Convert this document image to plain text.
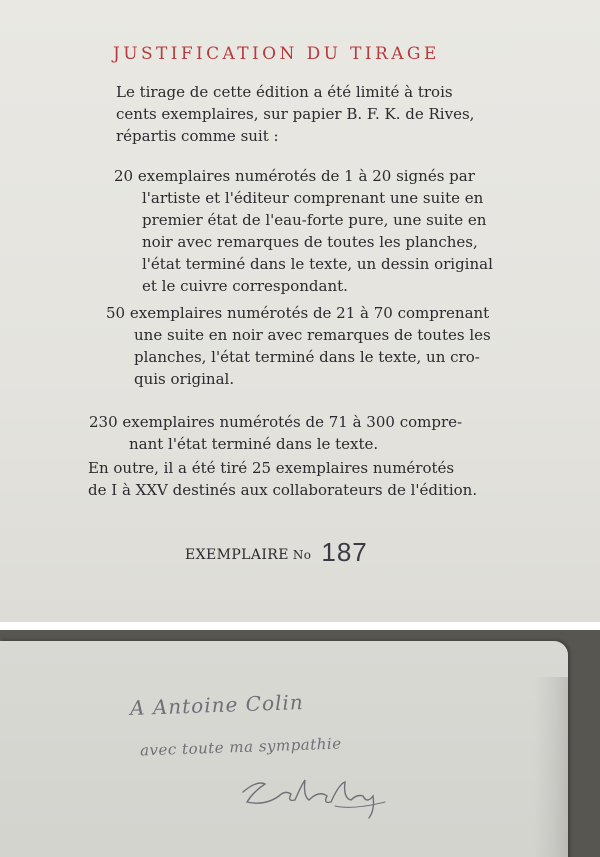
JUSTIFICATION DU TIRAGE
Le tirage de cette édition a été limité à trois
cents exemplaires, sur papier B. F. K. de Rives,
répartis comme suit :
20 exemplaires numérotés de 1 à 20 signés par
l'artiste et l'éditeur comprenant une suite en
premier état de l'eau-forte pure, une suite en
noir avec remarques de toutes les planches,
l'état terminé dans le texte, un dessin original
et le cuivre correspondant.
50 exemplaires numérotés de 21 à 70 comprenant
une suite en noir avec remarques de toutes les
planches, l'état terminé dans le texte, un cro-
quis original.
230 exemplaires numérotés de 71 à 300 compre-
nant l'état terminé dans le texte.
En outre, il a été tiré 25 exemplaires numérotés
de I à XXV destinés aux collaborateurs de l'édition.
EXEMPLAIRE No 187
A Antoine Colin
avec toute ma sympathie
